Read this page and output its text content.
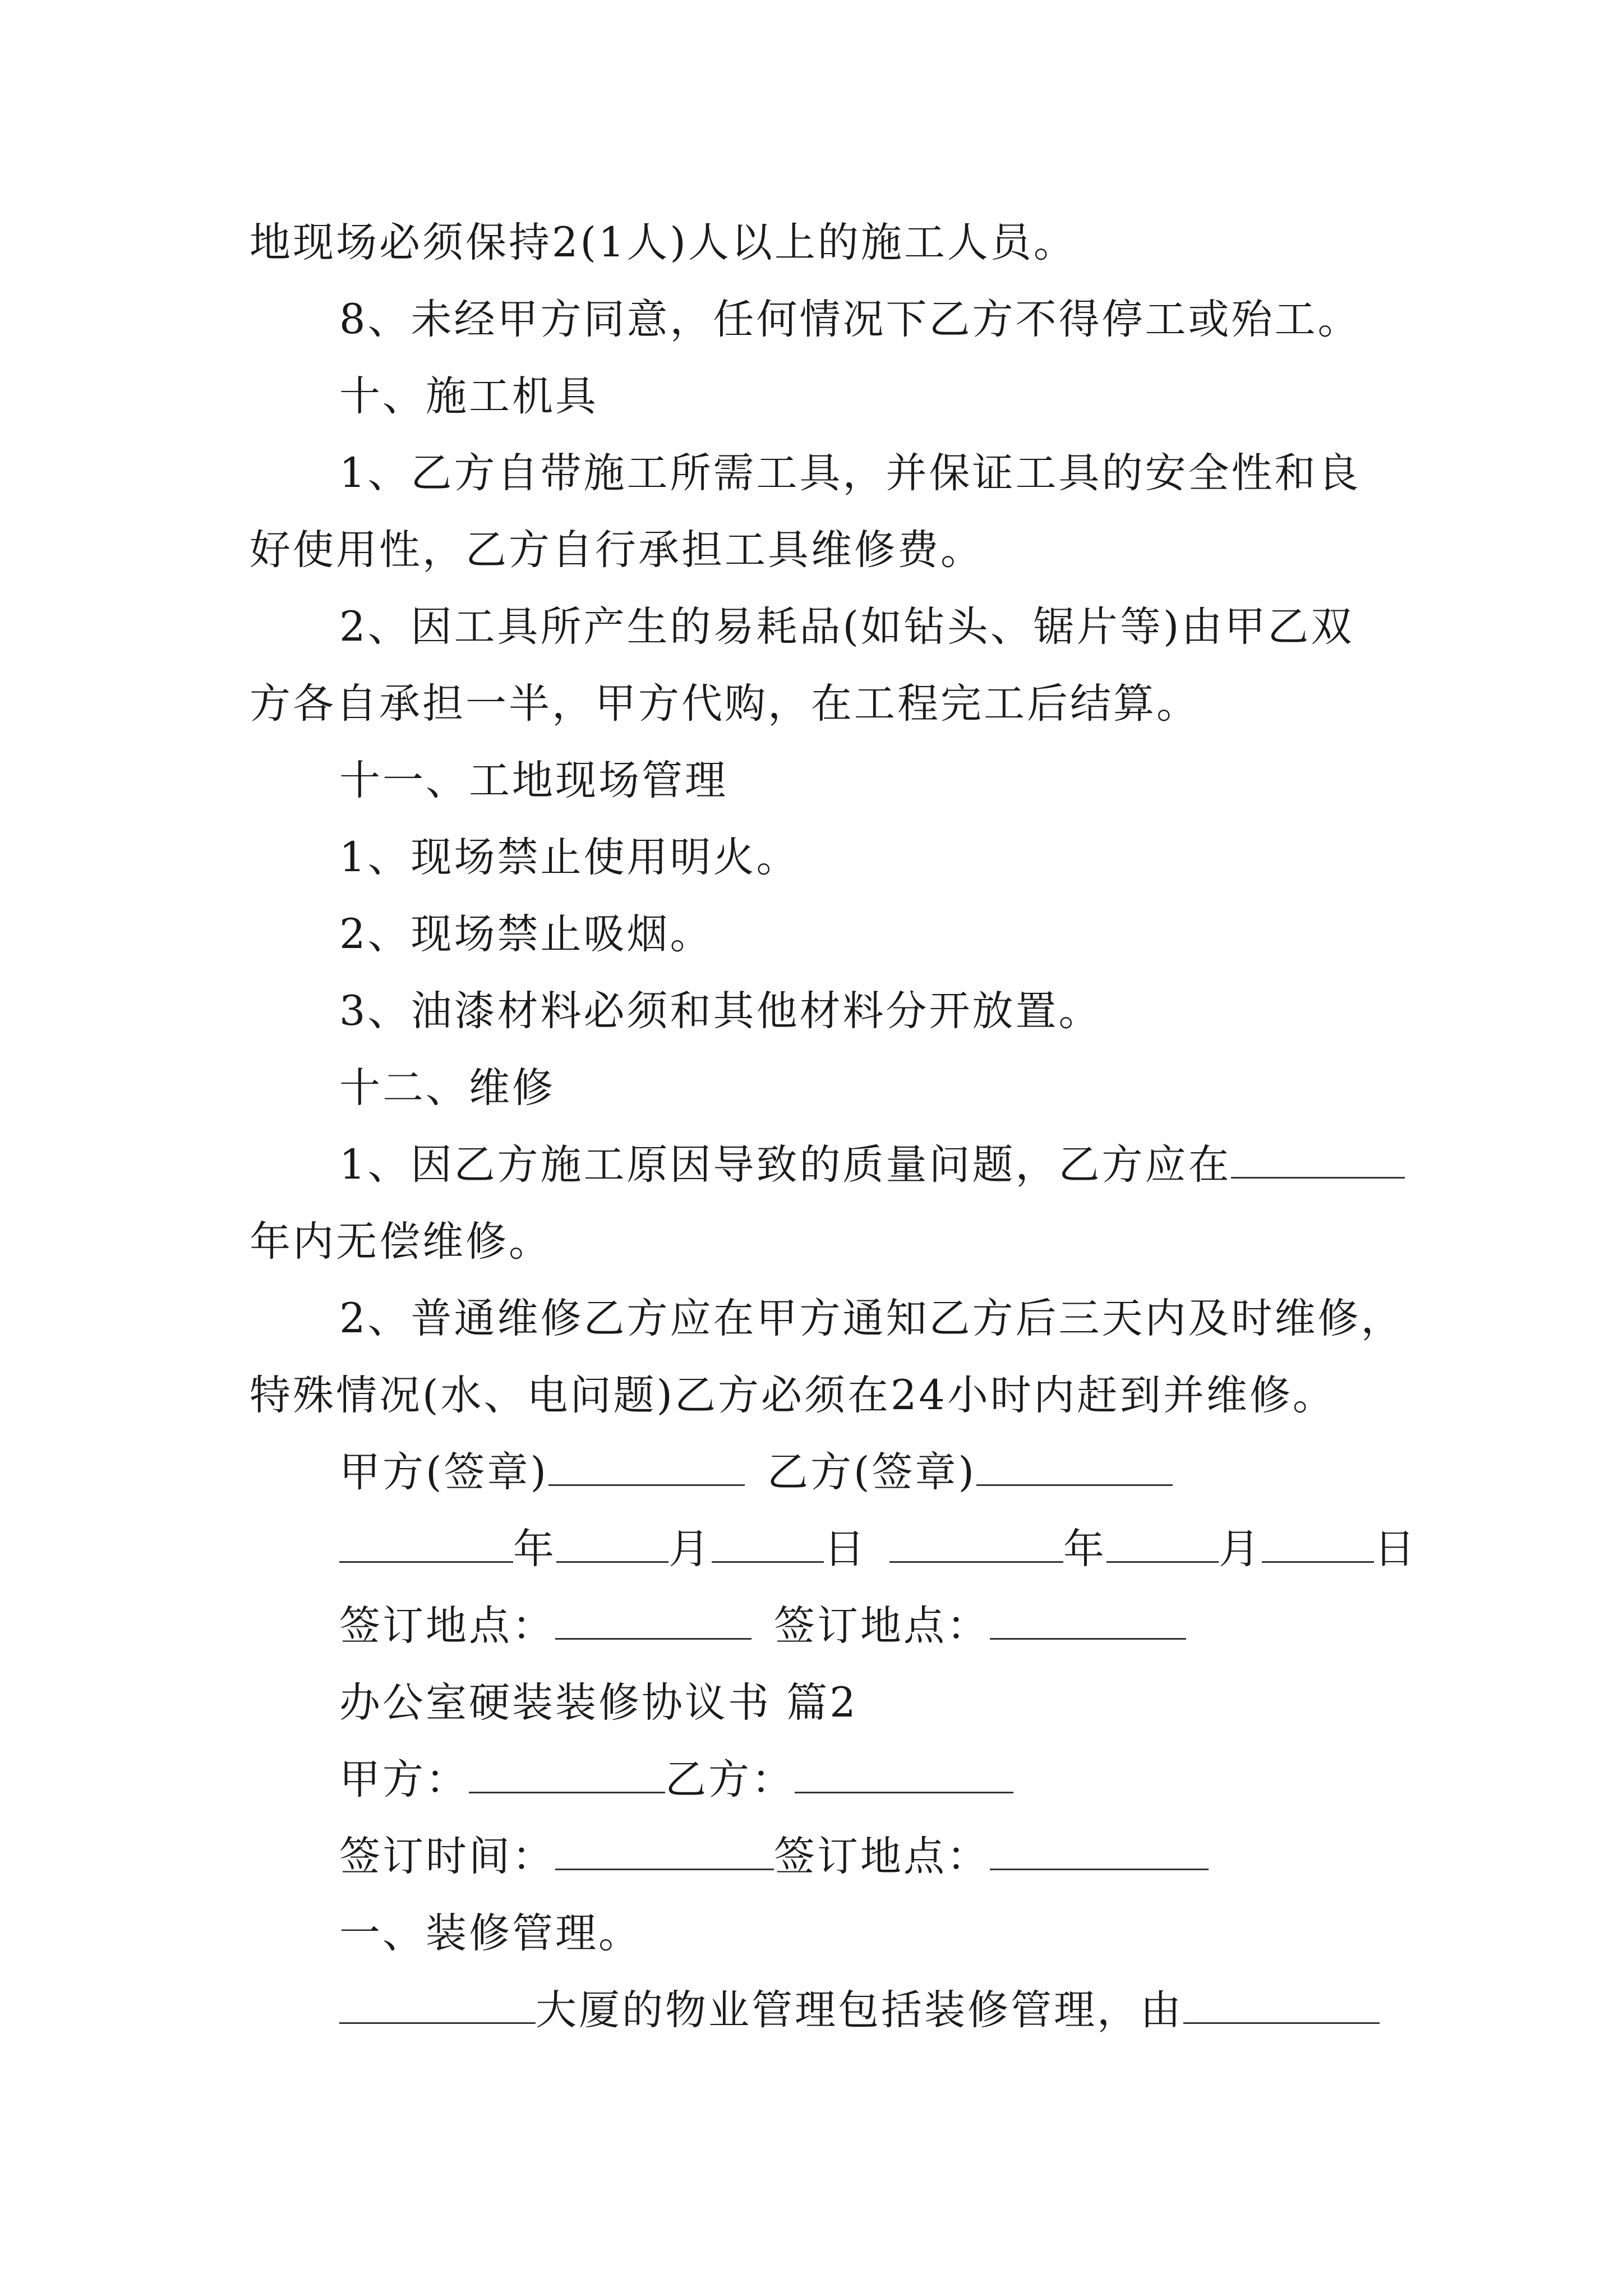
地现场必须保持2(1人)人以上的施工人员。
8、未经甲方同意，任何情况下乙方不得停工或殆工。
十、施工机具
1、乙方自带施工所需工具，并保证工具的安全性和良
好使用性，乙方自行承担工具维修费。
2、因工具所产生的易耗品(如钻头、锯片等)由甲乙双
方各自承担一半，甲方代购，在工程完工后结算。
十一、工地现场管理
1、现场禁止使用明火。
2、现场禁止吸烟。
3、油漆材料必须和其他材料分开放置。
十二、维修
1、因乙方施工原因导致的质量问题，乙方应在
年内无偿维修。
2、普通维修乙方应在甲方通知乙方后三天内及时维修，
特殊情况(水、电问题)乙方必须在24小时内赶到并维修。
甲方(签章)	乙方(签章)
年	月	日	年	月	日
签订地点：	签订地点：
办公室硬装装修协议书 篇2
甲方：	乙方：
签订时间：	签订地点：
一、装修管理。
大厦的物业管理包括装修管理，由
